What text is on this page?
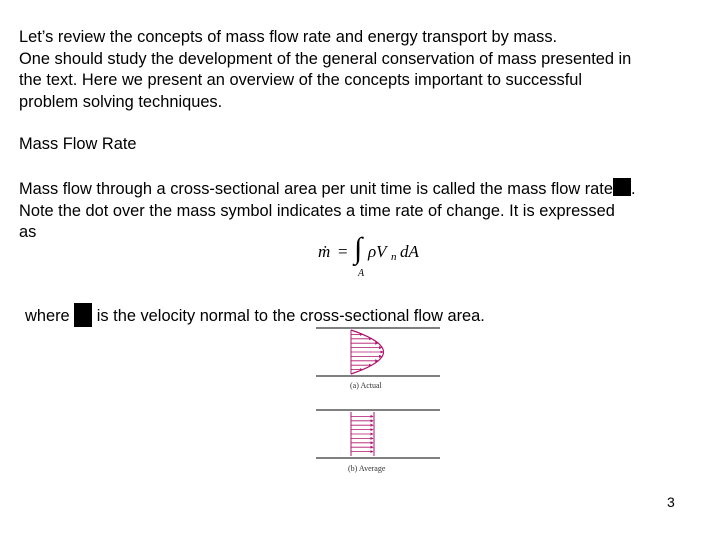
Let’s review the concepts of mass flow rate and energy transport by mass.
One should study the development of the general conservation of mass presented in
the text. Here we present an overview of the concepts important to successful
problem solving techniques.
Mass Flow Rate
Mass flow through a cross-sectional area per unit time is called the mass flow rate .
Note the dot over the mass symbol indicates a time rate of change. It is expressed
as
ṁ = ∫ ρV n dA
A
where  is the velocity normal to the cross-sectional flow area.
(a) Actual
(b) Average
3
